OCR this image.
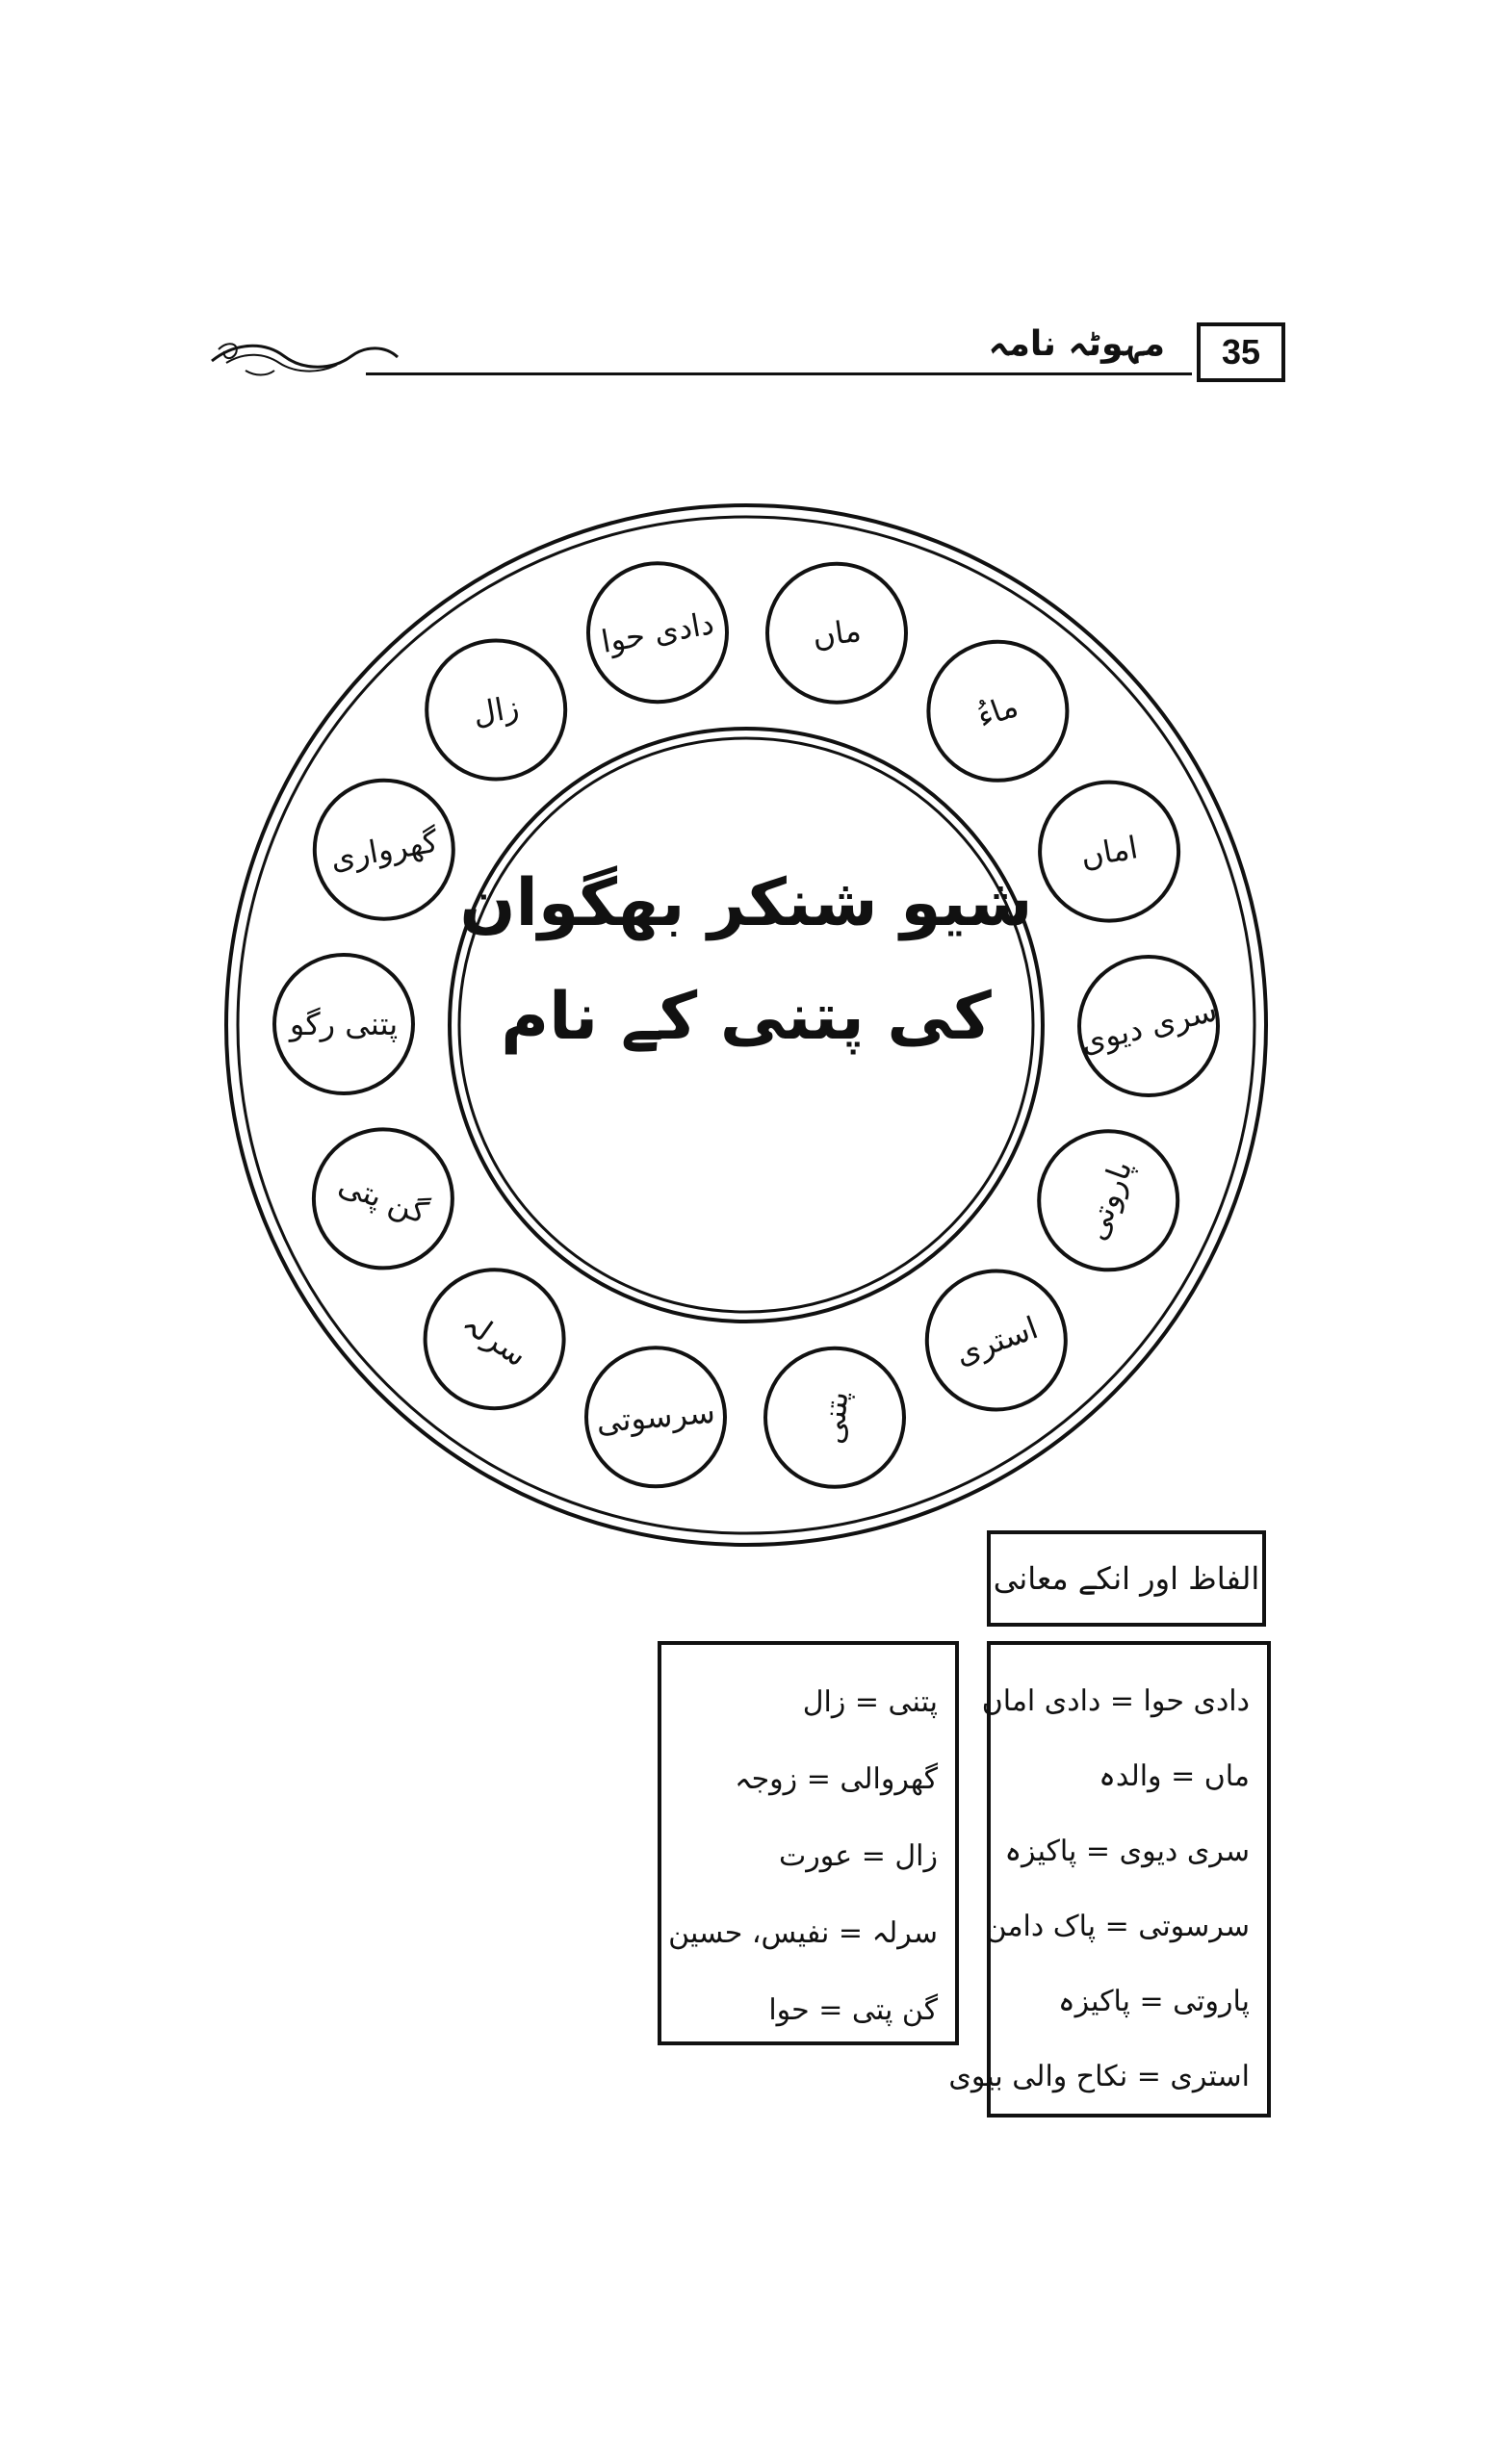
مہوٹہ نامہ	35
ماں
ماءُ
اماں
سری دیوی
پاروتی
استری
پتنی
سرسوتی
سرلہ
گن پتی
پتنی رگو
گھرواری
زال
دادی حوا
شیو شنکر بھگوان
کی پتنی کے نام
الفاظ اور انکے معانی
دادی حوا = دادی اماں
ماں = والدہ
سری دیوی = پاکیزہ
سرسوتی = پاک دامن
پاروتی = پاکیزہ
استری = نکاح والی بیوی
پتنی = زال
گھروالی = زوجہ
زال = عورت
سرلہ = نفیس، حسین
گن پتی = حوا
